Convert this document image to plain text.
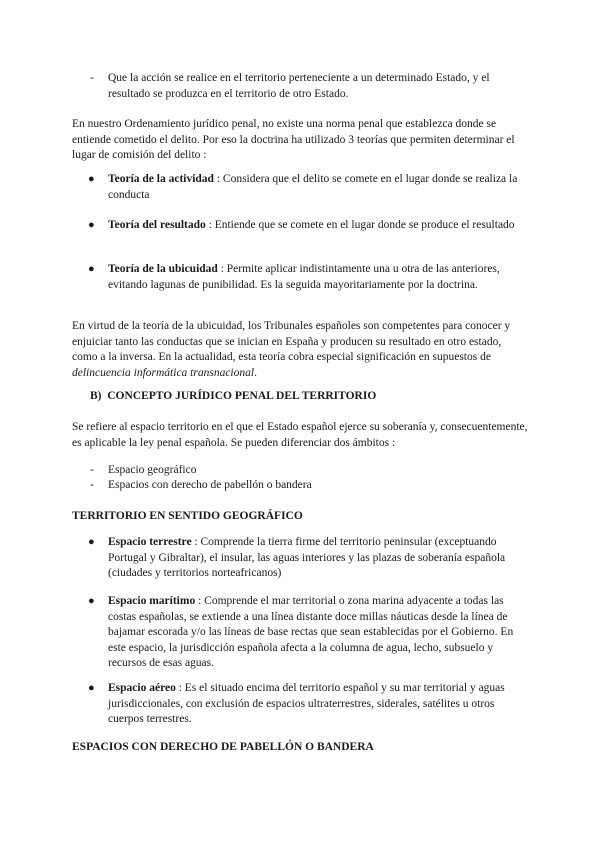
-	Que la acción se realice en el territorio perteneciente a un determinado Estado, y el resultado se produzca en el territorio de otro Estado.

En nuestro Ordenamiento jurídico penal, no existe una norma penal que establezca donde se entiende cometido el delito. Por eso la doctrina ha utilizado 3 teorías que permiten determinar el lugar de comisión del delito :

●	Teoría de la actividad : Considera que el delito se comete en el lugar donde se realiza la conducta
●	Teoría del resultado : Entiende que se comete en el lugar donde se produce el resultado
●	Teoría de la ubicuidad : Permite aplicar indistintamente una u otra de las anteriores, evitando lagunas de punibilidad. Es la seguida mayoritariamente por la doctrina.

En virtud de la teoría de la ubicuidad, los Tribunales españoles son competentes para conocer y enjuiciar tanto las conductas que se inician en España y producen su resultado en otro estado, como a la inversa. En la actualidad, esta teoría cobra especial significación en supuestos de delincuencia informática transnacional.

B)  CONCEPTO JURÍDICO PENAL DEL TERRITORIO

Se refiere al espacio territorio en el que el Estado español ejerce su soberanía y, consecuentemente, es aplicable la ley penal española. Se pueden diferenciar dos ámbitos :

-	Espacio geográfico
-	Espacios con derecho de pabellón o bandera
TERRITORIO EN SENTIDO GEOGRÁFICO
●	Espacio terrestre : Comprende la tierra firme del territorio peninsular (exceptuando Portugal y Gibraltar), el insular, las aguas interiores y las plazas de soberanía española (ciudades y territorios norteafricanos)
●	Espacio marítimo : Comprende el mar territorial o zona marina adyacente a todas las costas españolas, se extiende a una línea distante doce millas náuticas desde la línea de bajamar escorada y/o las líneas de base rectas que sean establecidas por el Gobierno. En este espacio, la jurisdicción española afecta a la columna de agua, lecho, subsuelo y recursos de esas aguas.
●	Espacio aéreo : Es el situado encima del territorio español y su mar territorial y aguas jurisdiccionales, con exclusión de espacios ultraterrestres, siderales, satélites u otros cuerpos terrestres.
ESPACIOS CON DERECHO DE PABELLÓN O BANDERA
